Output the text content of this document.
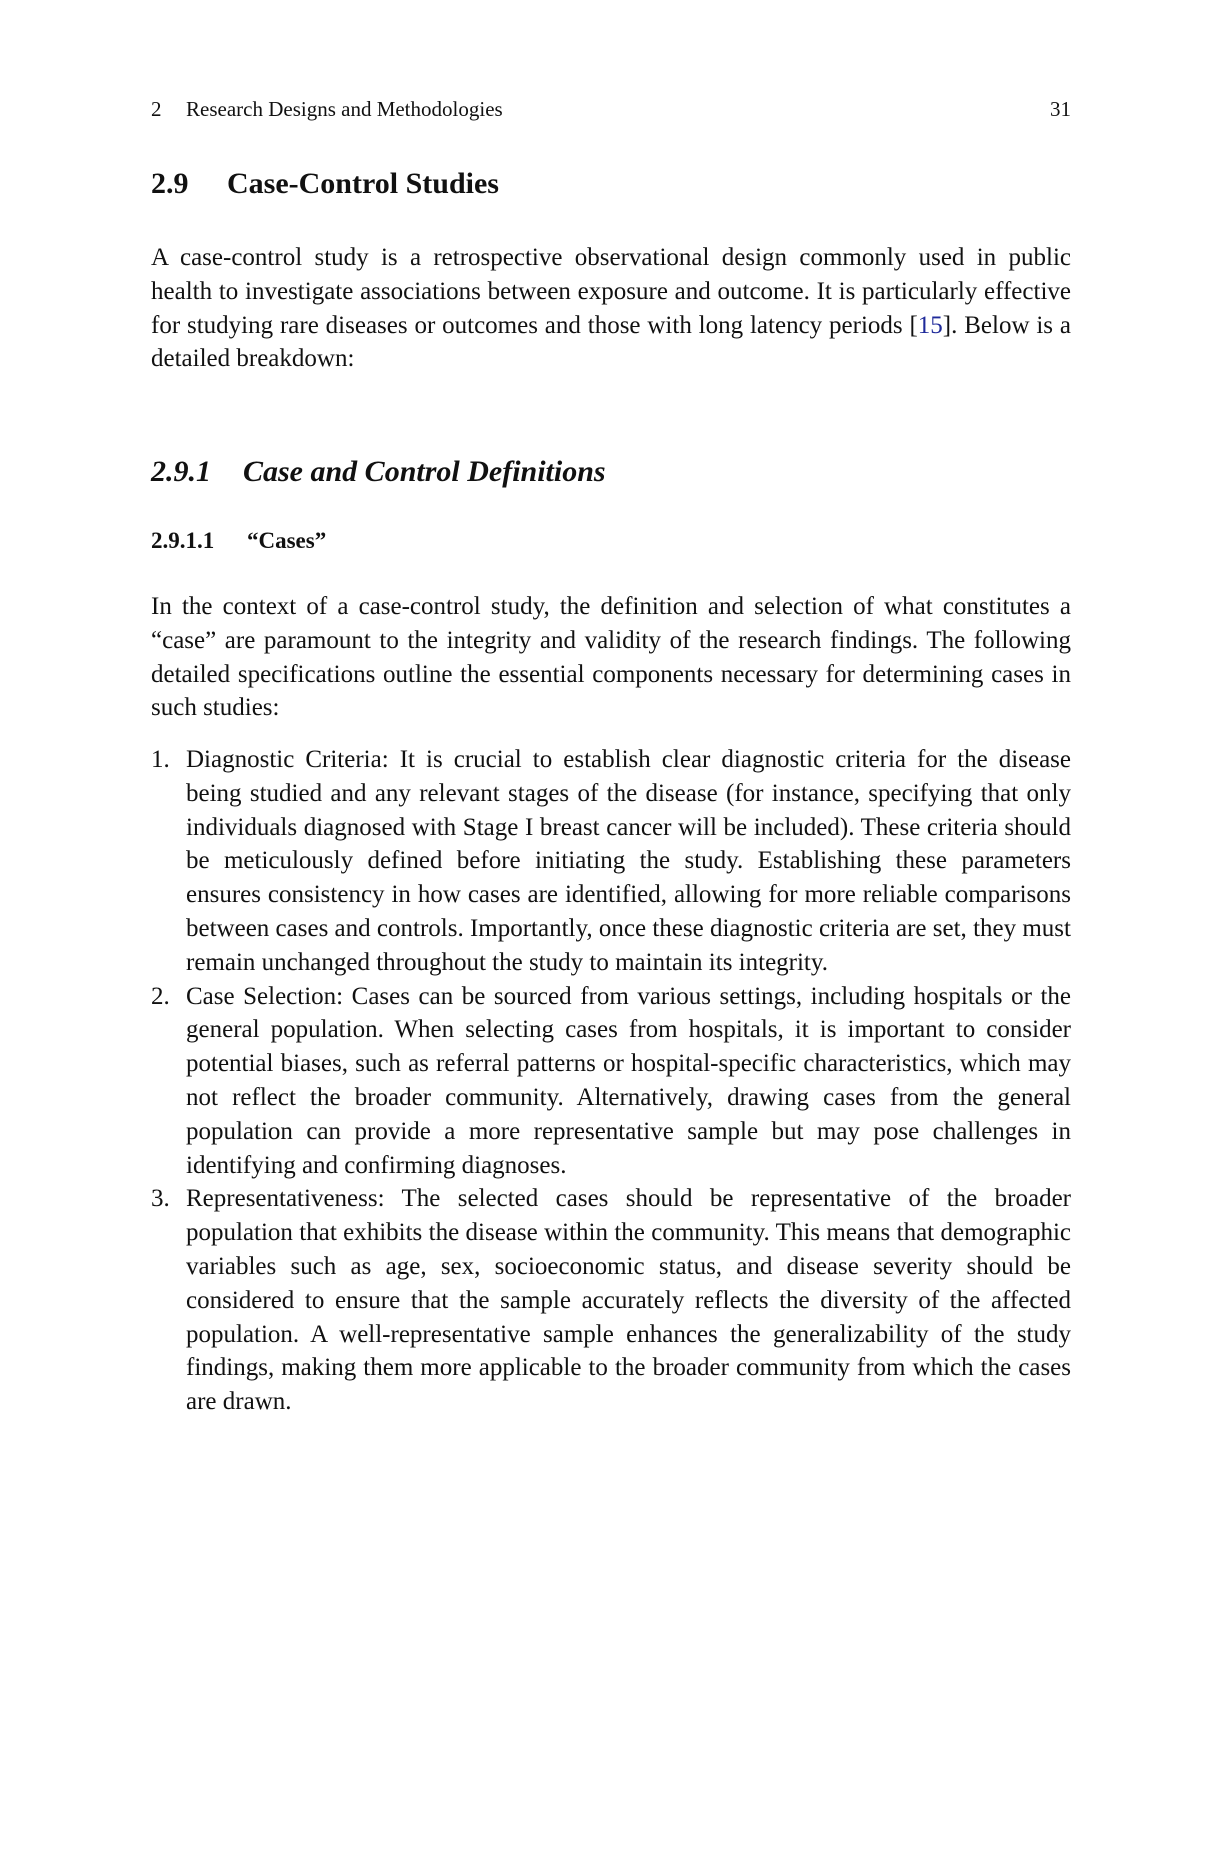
2 Research Designs and Methodologies	31
2.9 Case-Control Studies

A case-control study is a retrospective observational design commonly used in public health to investigate associations between exposure and outcome. It is particularly effective for studying rare diseases or outcomes and those with long latency periods [15]. Below is a detailed breakdown:

2.9.1 Case and Control Definitions
2.9.1.1 “Cases”

In the context of a case-control study, the definition and selection of what constitutes a “case” are paramount to the integrity and validity of the research findings. The following detailed specifications outline the essential components necessary for determining cases in such studies:

1. Diagnostic Criteria: It is crucial to establish clear diagnostic criteria for the disease being studied and any relevant stages of the disease (for instance, specifying that only individuals diagnosed with Stage I breast cancer will be included). These criteria should be meticulously defined before initiating the study. Establishing these parameters ensures consistency in how cases are identified, allowing for more reliable comparisons between cases and controls. Importantly, once these diagnostic criteria are set, they must remain unchanged throughout the study to maintain its integrity.
2. Case Selection: Cases can be sourced from various settings, including hospitals or the general population. When selecting cases from hospitals, it is important to consider potential biases, such as referral patterns or hospital-specific characteristics, which may not reflect the broader community. Alternatively, drawing cases from the general population can provide a more representative sample but may pose challenges in identifying and confirming diagnoses.
3. Representativeness: The selected cases should be representative of the broader population that exhibits the disease within the community. This means that demographic variables such as age, sex, socioeconomic status, and disease severity should be considered to ensure that the sample accurately reflects the diversity of the affected population. A well-representative sample enhances the generalizability of the study findings, making them more applicable to the broader community from which the cases are drawn.
